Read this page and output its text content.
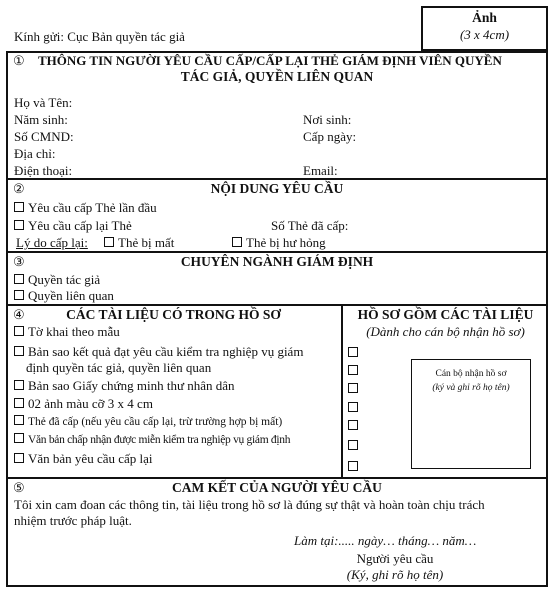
Kính gửi: Cục Bản quyền tác giả
Ảnh
(3 x 4cm)
① THÔNG TIN NGƯỜI YÊU CẦU CẤP/CẤP LẠI THẺ GIÁM ĐỊNH VIÊN QUYỀN
TÁC GIẢ, QUYỀN LIÊN QUAN
Họ và Tên:
Năm sinh:	Nơi sinh:
Số CMND:	Cấp ngày:
Địa chỉ:
Điện thoại:	Email:
②	NỘI DUNG YÊU CẦU
Yêu cầu cấp Thẻ lần đầu
Yêu cầu cấp lại Thẻ	Số Thẻ đã cấp:
Lý do cấp lại:	Thẻ bị mất	Thẻ bị hư hỏng
③	CHUYÊN NGÀNH GIÁM ĐỊNH
Quyền tác giả
Quyền liên quan
④	CÁC TÀI LIỆU CÓ TRONG HỒ SƠ
Tờ khai theo mẫu
Bản sao kết quả đạt yêu cầu kiểm tra nghiệp vụ giám
định quyền tác giả, quyền liên quan
Bản sao Giấy chứng minh thư nhân dân
02 ảnh màu cỡ 3 x 4 cm
Thẻ đã cấp (nếu yêu cầu cấp lại, trừ trường hợp bị mất)
Văn bản chấp nhận được miễn kiểm tra nghiệp vụ giám định
Văn bản yêu cầu cấp lại
HỒ SƠ GỒM CÁC TÀI LIỆU
(Dành cho cán bộ nhận hồ sơ)
Cán bộ nhận hồ sơ
(ký và ghi rõ họ tên)
⑤	CAM KẾT CỦA NGƯỜI YÊU CẦU
Tôi xin cam đoan các thông tin, tài liệu trong hồ sơ là đúng sự thật và hoàn toàn chịu trách
nhiệm trước pháp luật.
Làm tại:..... ngày… tháng… năm…
Người yêu cầu
(Ký, ghi rõ họ tên)
